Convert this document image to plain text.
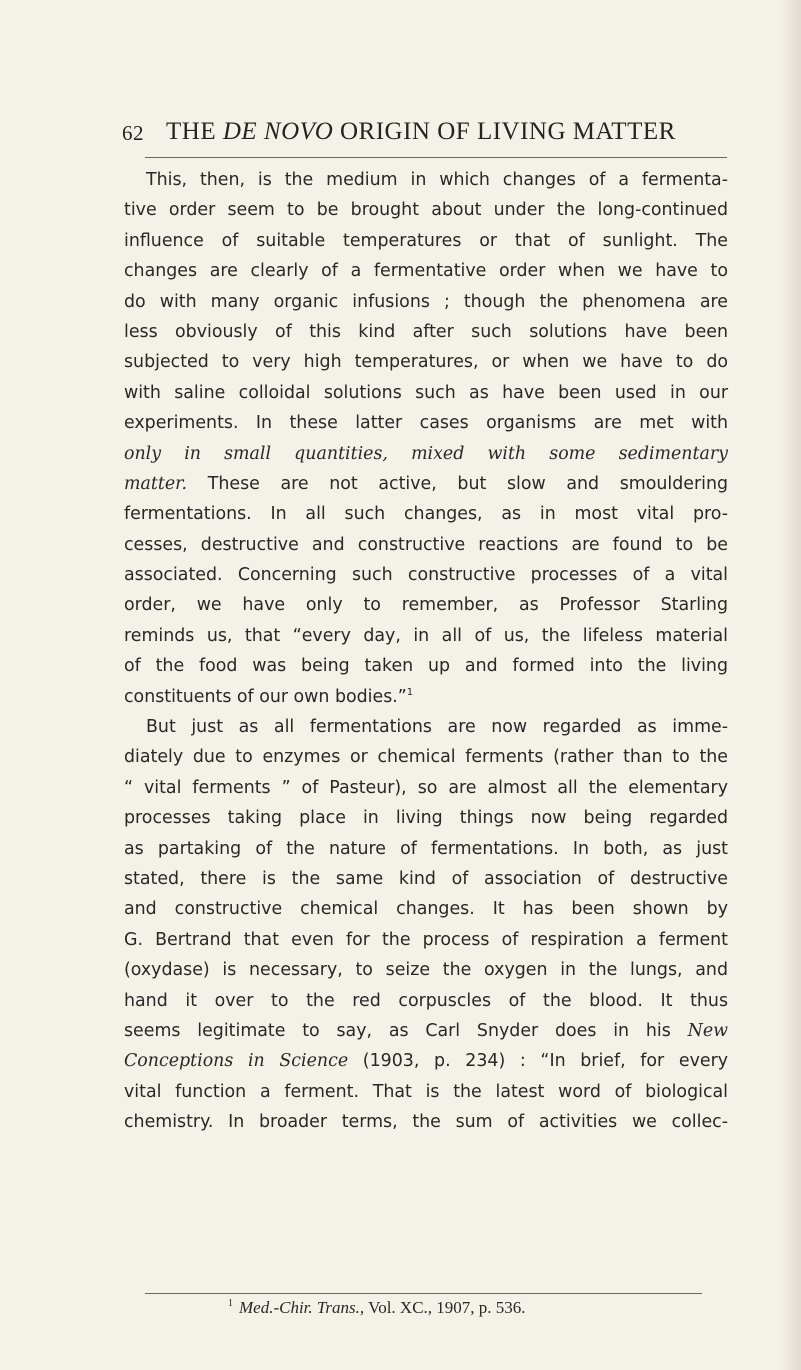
62 THE DE NOVO ORIGIN OF LIVING MATTER
This, then, is the medium in which changes of a fermenta-
tive order seem to be brought about under the long-continued
influence of suitable temperatures or that of sunlight. The
changes are clearly of a fermentative order when we have to
do with many organic infusions ; though the phenomena are
less obviously of this kind after such solutions have been
subjected to very high temperatures, or when we have to do
with saline colloidal solutions such as have been used in our
experiments. In these latter cases organisms are met with
only in small quantities, mixed with some sedimentary
matter. These are not active, but slow and smouldering
fermentations. In all such changes, as in most vital pro-
cesses, destructive and constructive reactions are found to be
associated. Concerning such constructive processes of a vital
order, we have only to remember, as Professor Starling
reminds us, that “every day, in all of us, the lifeless material
of the food was being taken up and formed into the living
constituents of our own bodies.”$^1$
But just as all fermentations are now regarded as imme-
diately due to enzymes or chemical ferments (rather than to the
“ vital ferments ” of Pasteur), so are almost all the elementary
processes taking place in living things now being regarded
as partaking of the nature of fermentations. In both, as just
stated, there is the same kind of association of destructive
and constructive chemical changes. It has been shown by
G. Bertrand that even for the process of respiration a ferment
(oxydase) is necessary, to seize the oxygen in the lungs, and
hand it over to the red corpuscles of the blood. It thus
seems legitimate to say, as Carl Snyder does in his New
Conceptions in Science (1903, p. 234) : “In brief, for every
vital function a ferment. That is the latest word of biological
chemistry. In broader terms, the sum of activities we collec-
$^1$ Med.-Chir. Trans., Vol. XC., 1907, p. 536.
